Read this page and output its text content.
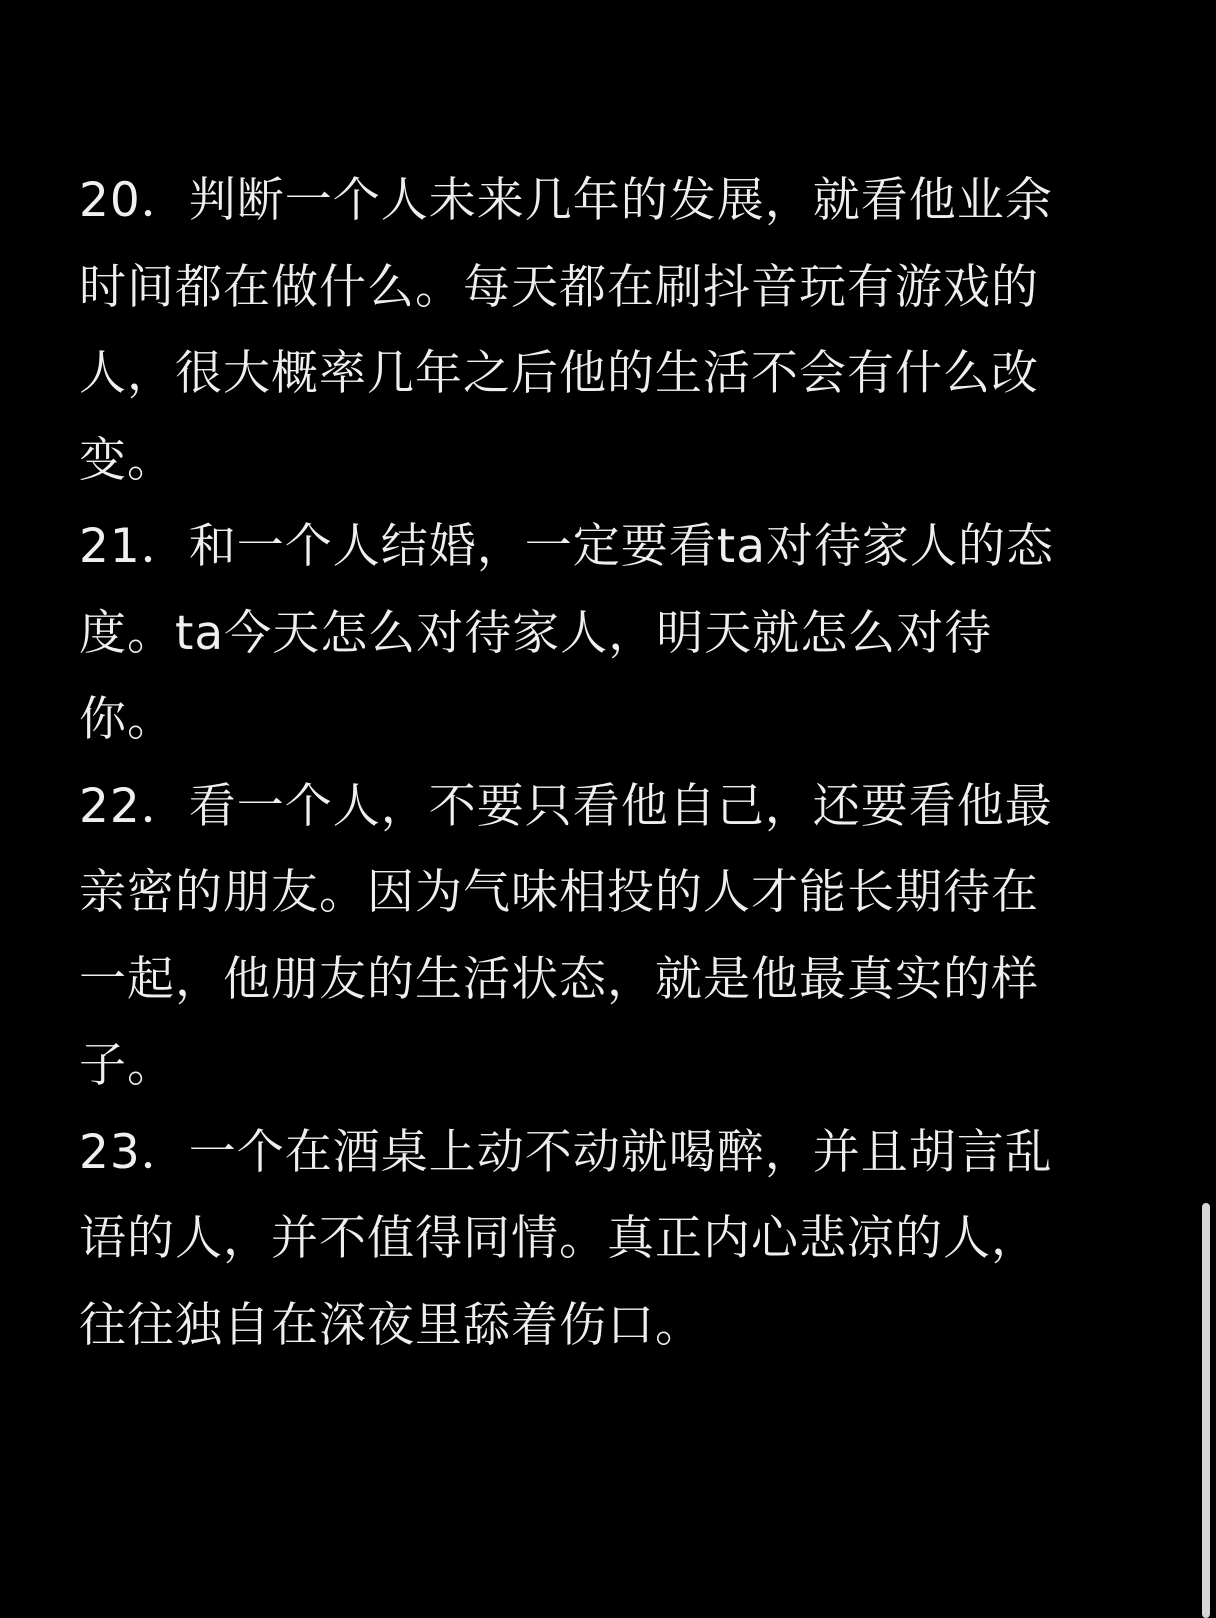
20．判断一个人未来几年的发展，就看他业余
时间都在做什么。每天都在刷抖音玩有游戏的
人，很大概率几年之后他的生活不会有什么改
变。
21．和一个人结婚，一定要看ta对待家人的态
度。ta今天怎么对待家人，明天就怎么对待
你。
22．看一个人，不要只看他自己，还要看他最
亲密的朋友。因为气味相投的人才能长期待在
一起，他朋友的生活状态，就是他最真实的样
子。
23．一个在酒桌上动不动就喝醉，并且胡言乱
语的人，并不值得同情。真正内心悲凉的人，
往往独自在深夜里舔着伤口。
